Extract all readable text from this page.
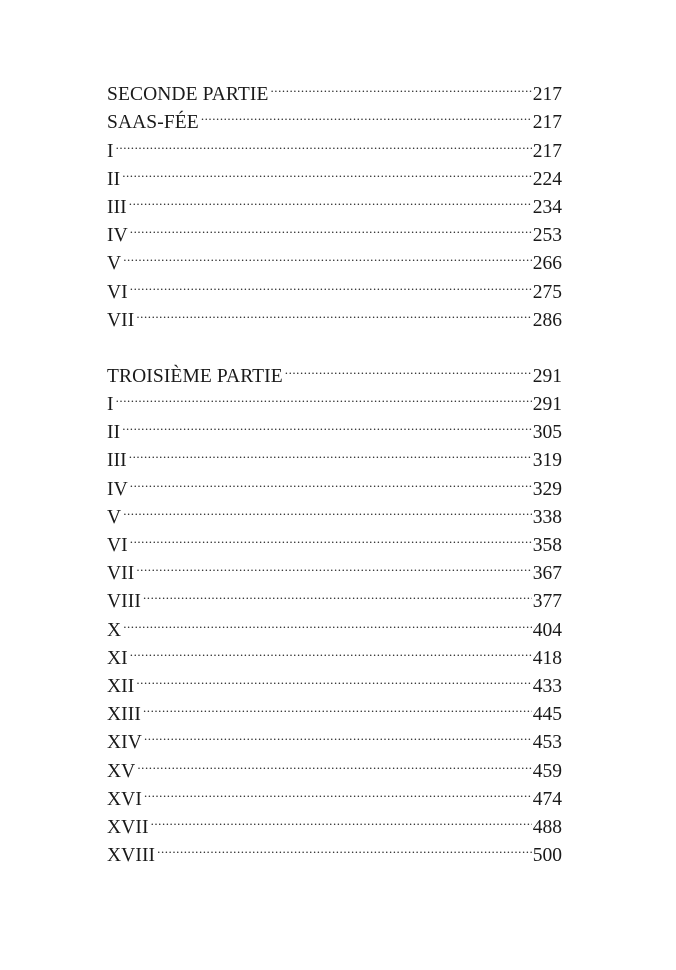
SECONDE PARTIE .....	217
SAAS-FÉE .....	217
I .....	217
II .....	224
III .....	234
IV .....	253
V .....	266
VI .....	275
VII .....	286
TROISIÈME PARTIE .....	291
I .....	291
II .....	305
III .....	319
IV .....	329
V .....	338
VI .....	358
VII .....	367
VIII .....	377
X .....	404
XI .....	418
XII .....	433
XIII .....	445
XIV .....	453
XV .....	459
XVI .....	474
XVII .....	488
XVIII .....	500
